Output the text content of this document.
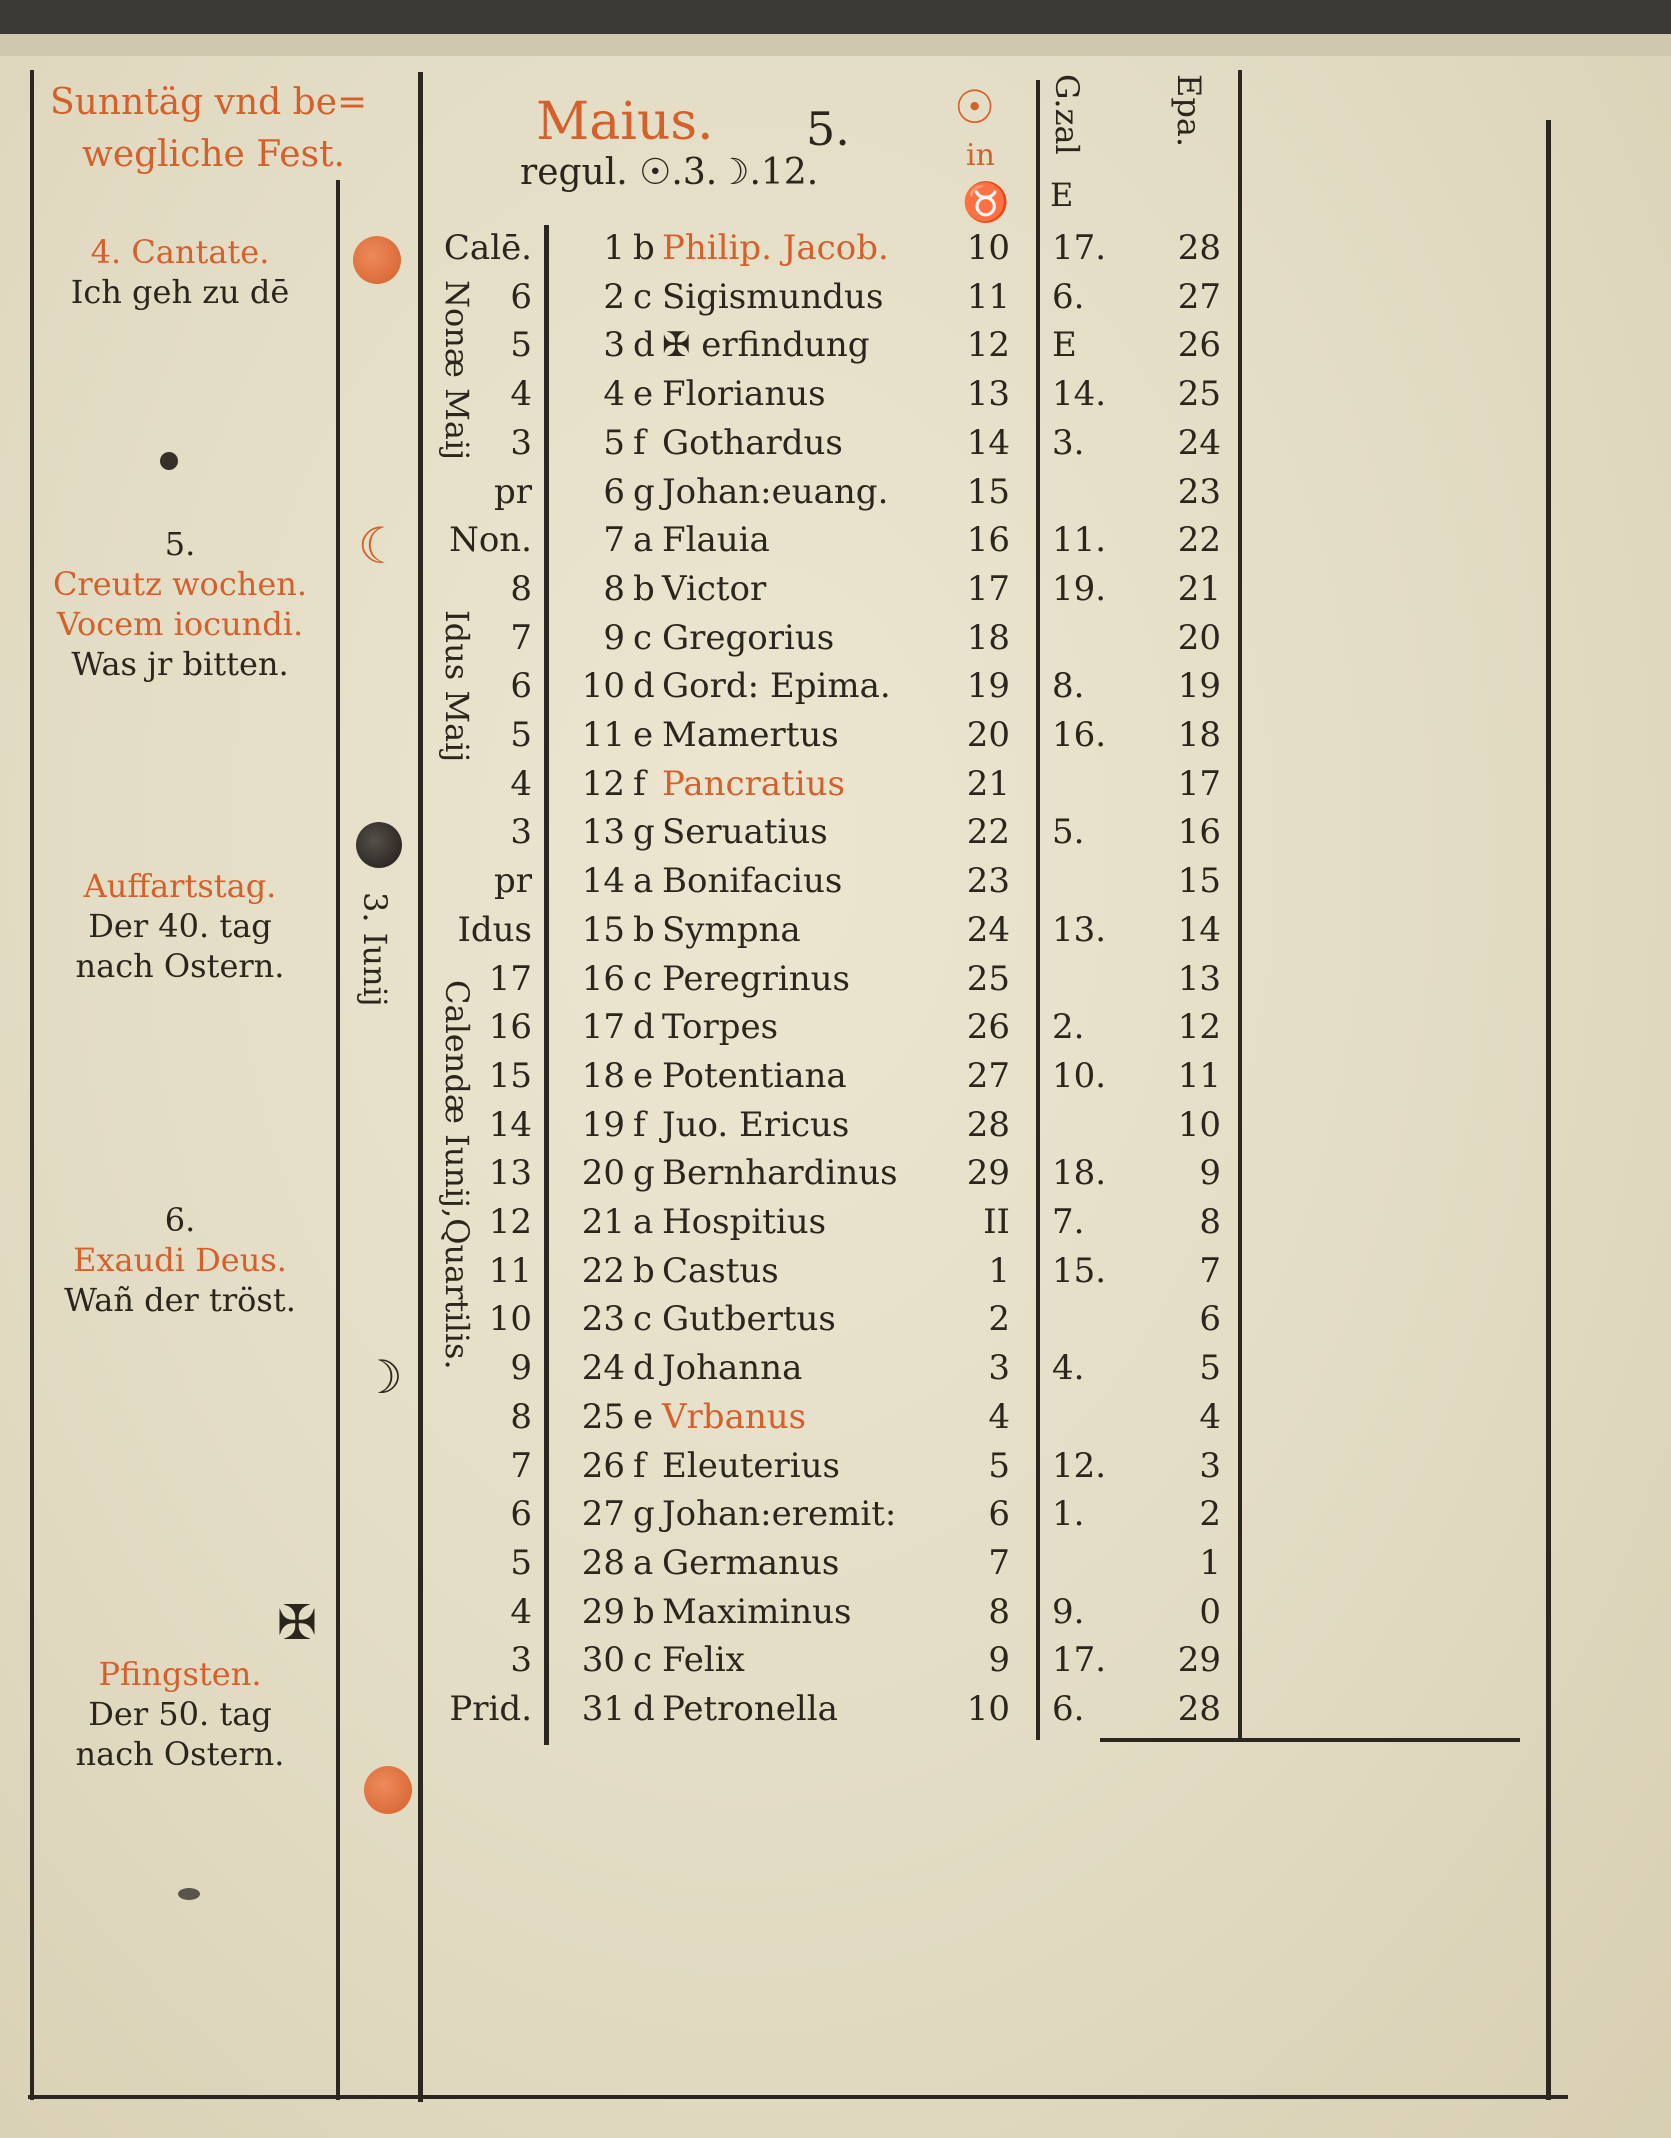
Sunntäg vnd be=
wegliche Fest.
4. Cantate.
Ich geh zu dē
5.
Creutz wochen.
Vocem iocundi.
Was jr bitten.
Auffartstag.
Der 40. tag
nach Ostern.
6.
Exaudi Deus.
Wañ der tröst.
Pfingsten.
Der 50. tag
nach Ostern.
✠
☾
3. Iunij
☽
Maius. 5.
regul. ☉.3.☽.12.
☉
in
♉
G.zal
E
Epa.
Nonæ Maij
Idus Maij
Calendæ Iunij,Quartilis.
Calē.	1 b Philip. Jacob.	10 17.	28
6	2 c Sigismundus	11 6.	27
5	3 d ✠ erfindung	12 E	26
4	4 e Florianus	13 14.	25
3	5 f Gothardus	14 3.	24
pr	6 g Johan:euang.	15	23
Non.	7 a Flauia	16 11.	22
8	8 b Victor	17 19.	21
7	9 c Gregorius	18	20
6	10 d Gord: Epima.	19 8.	19
5	11 e Mamertus	20 16.	18
4	12 f Pancratius	21	17
3	13 g Seruatius	22 5.	16
pr	14 a Bonifacius	23	15
Idus	15 b Sympna	24 13.	14
17	16 c Peregrinus	25	13
16	17 d Torpes	26 2.	12
15	18 e Potentiana	27 10.	11
14	19 f Juo. Ericus	28	10
13	20 g Bernhardinus	29 18.	9
12	21 a Hospitius	II 7.	8
11	22 b Castus	1 15.	7
10	23 c Gutbertus	2	6
9	24 d Johanna	3 4.	5
8	25 e Vrbanus	4	4
7	26 f Eleuterius	5 12.	3
6	27 g Johan:eremit:	6 1.	2
5	28 a Germanus	7	1
4	29 b Maximinus	8 9.	0
3	30 c Felix	9 17.	29
Prid.	31 d Petronella	10 6.	28
